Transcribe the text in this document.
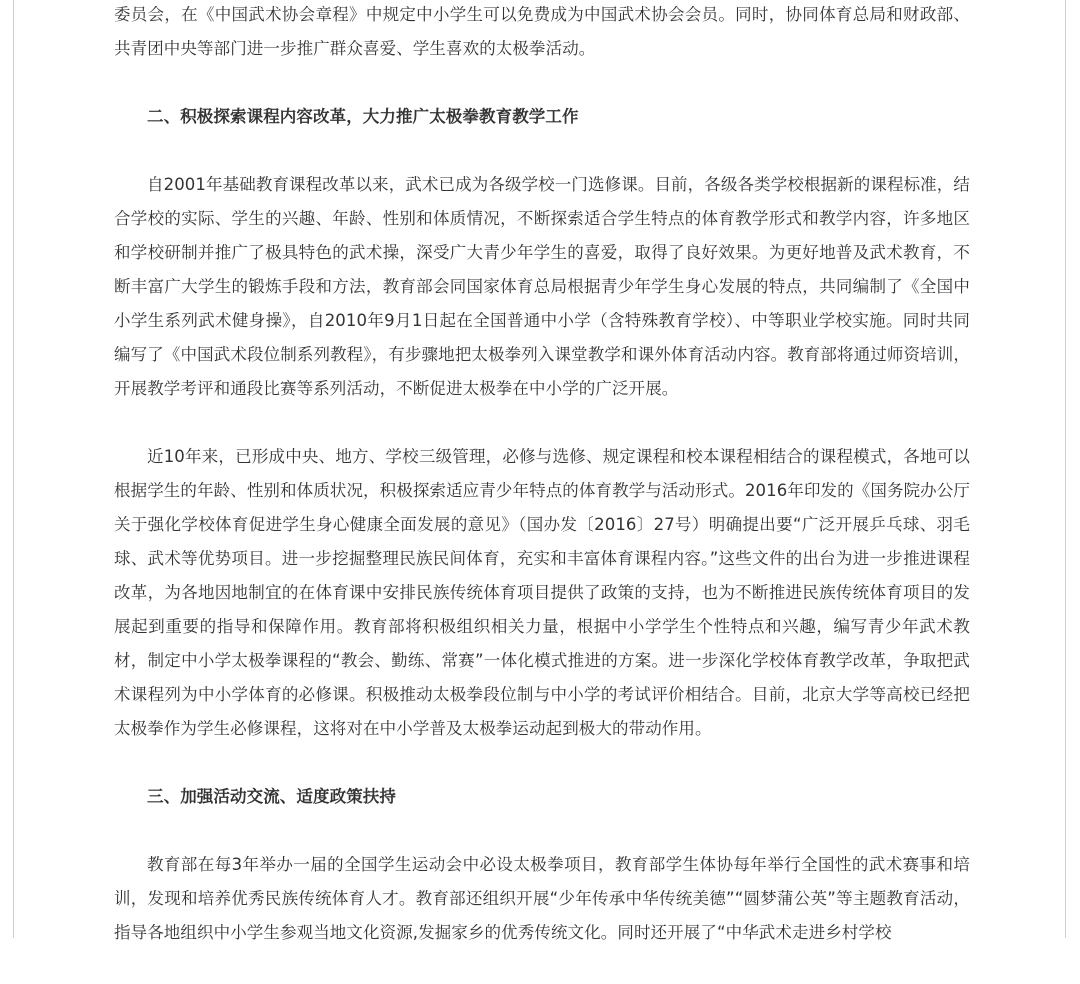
委员会，在《中国武术协会章程》中规定中小学生可以免费成为中国武术协会会员。同时，协同体育总局和财政部、共青团中央等部门进一步推广群众喜爱、学生喜欢的太极拳活动。

二、积极探索课程内容改革，大力推广太极拳教育教学工作

自2001年基础教育课程改革以来，武术已成为各级学校一门选修课。目前，各级各类学校根据新的课程标准，结合学校的实际、学生的兴趣、年龄、性别和体质情况，不断探索适合学生特点的体育教学形式和教学内容，许多地区和学校研制并推广了极具特色的武术操，深受广大青少年学生的喜爱，取得了良好效果。为更好地普及武术教育，不断丰富广大学生的锻炼手段和方法，教育部会同国家体育总局根据青少年学生身心发展的特点，共同编制了《全国中小学生系列武术健身操》，自2010年9月1日起在全国普通中小学（含特殊教育学校）、中等职业学校实施。同时共同编写了《中国武术段位制系列教程》，有步骤地把太极拳列入课堂教学和课外体育活动内容。教育部将通过师资培训，开展教学考评和通段比赛等系列活动，不断促进太极拳在中小学的广泛开展。

近10年来，已形成中央、地方、学校三级管理，必修与选修、规定课程和校本课程相结合的课程模式，各地可以根据学生的年龄、性别和体质状况，积极探索适应青少年特点的体育教学与活动形式。2016年印发的《国务院办公厅关于强化学校体育促进学生身心健康全面发展的意见》（国办发〔2016〕27号）明确提出要“广泛开展乒乓球、羽毛球、武术等优势项目。进一步挖掘整理民族民间体育，充实和丰富体育课程内容。”这些文件的出台为进一步推进课程改革，为各地因地制宜的在体育课中安排民族传统体育项目提供了政策的支持，也为不断推进民族传统体育项目的发展起到重要的指导和保障作用。教育部将积极组织相关力量，根据中小学学生个性特点和兴趣，编写青少年武术教材，制定中小学太极拳课程的“教会、勤练、常赛”一体化模式推进的方案。进一步深化学校体育教学改革，争取把武术课程列为中小学体育的必修课。积极推动太极拳段位制与中小学的考试评价相结合。目前，北京大学等高校已经把太极拳作为学生必修课程，这将对在中小学普及太极拳运动起到极大的带动作用。

三、加强活动交流、适度政策扶持

教育部在每3年举办一届的全国学生运动会中必设太极拳项目，教育部学生体协每年举行全国性的武术赛事和培训，发现和培养优秀民族传统体育人才。教育部还组织开展“少年传承中华传统美德”“圆梦蒲公英”等主题教育活动，指导各地组织中小学生参观当地文化资源,发掘家乡的优秀传统文化。同时还开展了“中华武术走进乡村学校
